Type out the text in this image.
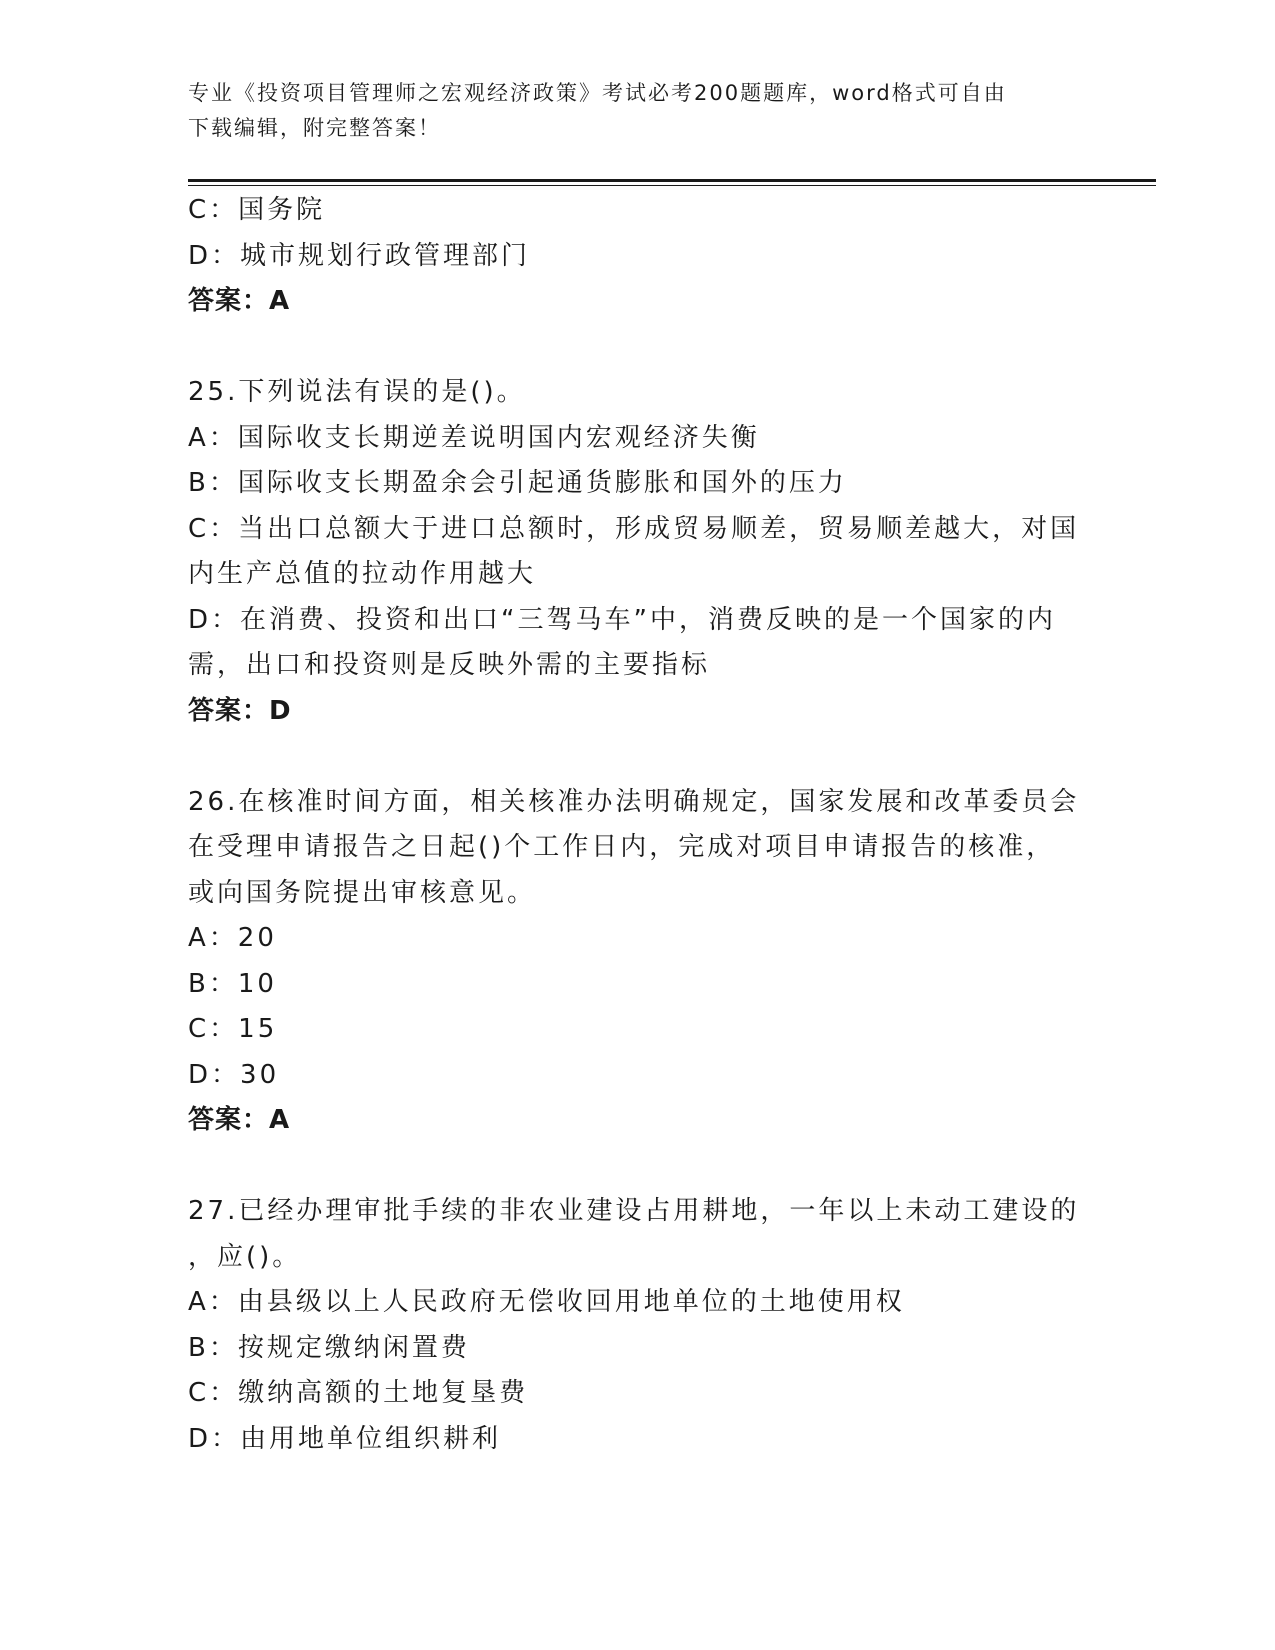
专业《投资项目管理师之宏观经济政策》考试必考200题题库，word格式可自由
下载编辑，附完整答案！
C：国务院
D：城市规划行政管理部门
答案：A
25.下列说法有误的是()。
A：国际收支长期逆差说明国内宏观经济失衡
B：国际收支长期盈余会引起通货膨胀和国外的压力
C：当出口总额大于进口总额时，形成贸易顺差，贸易顺差越大，对国
内生产总值的拉动作用越大
D：在消费、投资和出口“三驾马车”中，消费反映的是一个国家的内
需，出口和投资则是反映外需的主要指标
答案：D
26.在核准时间方面，相关核准办法明确规定，国家发展和改革委员会
在受理申请报告之日起()个工作日内，完成对项目申请报告的核准，
或向国务院提出审核意见。
A：20
B：10
C：15
D：30
答案：A
27.已经办理审批手续的非农业建设占用耕地，一年以上未动工建设的
，应()。
A：由县级以上人民政府无偿收回用地单位的土地使用权
B：按规定缴纳闲置费
C：缴纳高额的土地复垦费
D：由用地单位组织耕利
